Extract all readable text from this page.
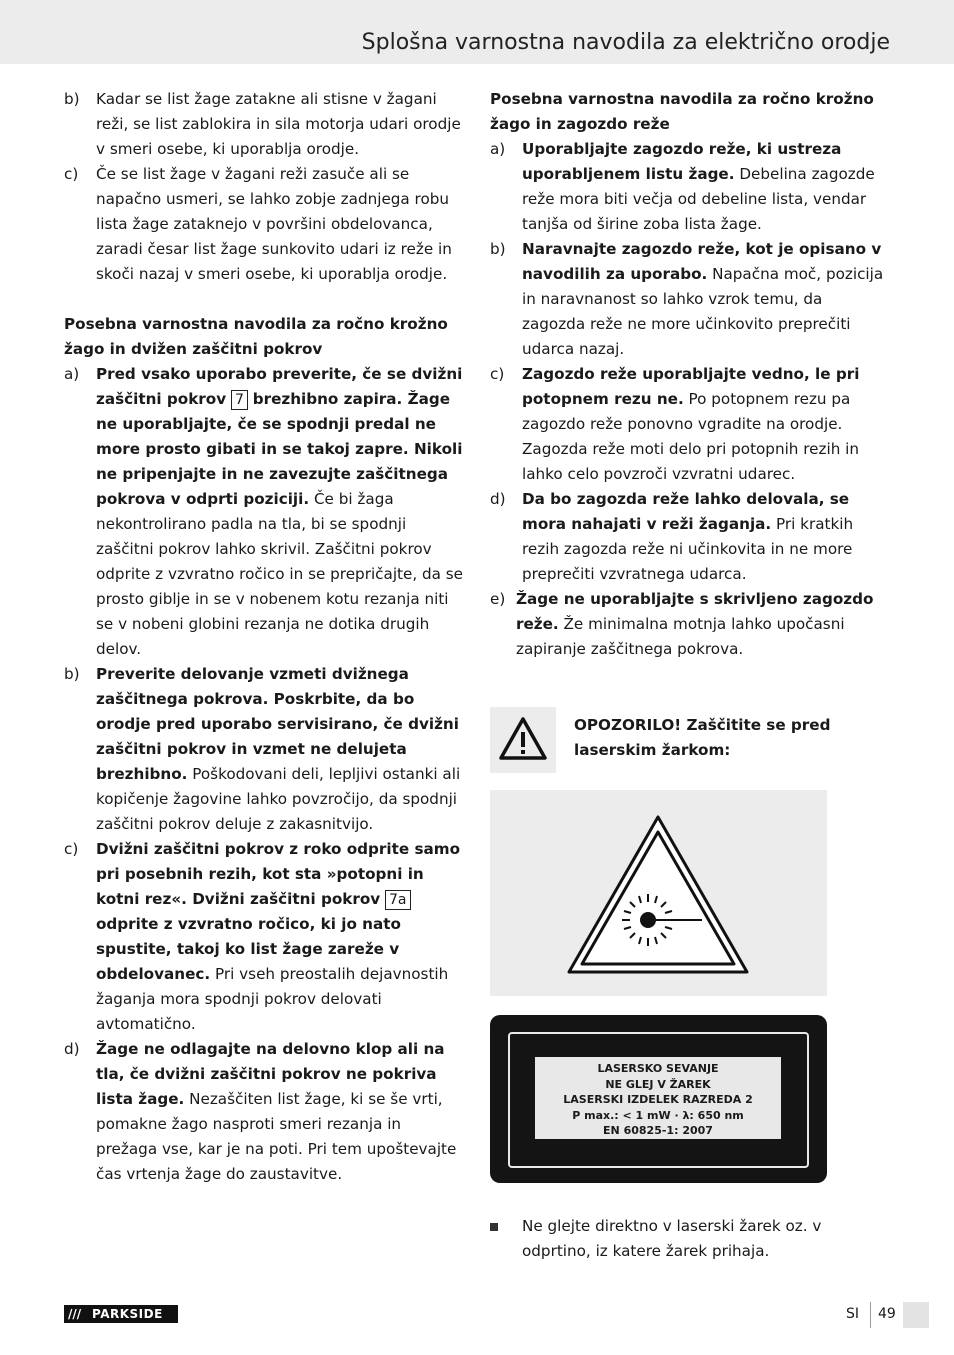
Splošna varnostna navodila za električno orodje
b) Kadar se list žage zatakne ali stisne v žagani reži, se list zablokira in sila motorja udari orodje v smeri osebe, ki uporablja orodje.
c) Če se list žage v žagani reži zasuče ali se napačno usmeri, se lahko zobje zadnjega robu lista žage zataknejo v površini obdelovanca, zaradi česar list žage sunkovito udari iz reže in skoči nazaj v smeri osebe, ki uporablja orodje.

Posebna varnostna navodila za ročno krožno žago in dvižen zaščitni pokrov

a) Pred vsako uporabo preverite, če se dvižni zaščitni pokrov 7 brezhibno zapira. Žage ne uporabljajte, če se spodnji predal ne more prosto gibati in se takoj zapre. Nikoli ne pripenjajte in ne zavezujte zaščitnega pokrova v odprti poziciji. Če bi žaga nekontrolirano padla na tla, bi se spodnji zaščitni pokrov lahko skrivil. Zaščitni pokrov odprite z vzvratno ročico in se prepričajte, da se prosto giblje in se v nobenem kotu rezanja niti se v nobeni globini rezanja ne dotika drugih delov.
b) Preverite delovanje vzmeti dvižnega zaščitnega pokrova. Poskrbite, da bo orodje pred uporabo servisirano, če dvižni zaščitni pokrov in vzmet ne delujeta brezhibno. Poškodovani deli, lepljivi ostanki ali kopičenje žagovine lahko povzročijo, da spodnji zaščitni pokrov deluje z zakasnitvijo.
c) Dvižni zaščitni pokrov z roko odprite samo pri posebnih rezih, kot sta »potopni in kotni rez«. Dvižni zaščitni pokrov 7a odprite z vzvratno ročico, ki jo nato spustite, takoj ko list žage zareže v obdelovanec. Pri vseh preostalih dejavnostih žaganja mora spodnji pokrov delovati avtomatično.
d) Žage ne odlagajte na delovno klop ali na tla, če dvižni zaščitni pokrov ne pokriva lista žage. Nezaščiten list žage, ki se še vrti, pomakne žago nasproti smeri rezanja in prežaga vse, kar je na poti. Pri tem upoštevajte čas vrtenja žage do zaustavitve.

Posebna varnostna navodila za ročno krožno žago in zagozdo reže

a) Uporabljajte zagozdo reže, ki ustreza uporabljenem listu žage. Debelina zagozde reže mora biti večja od debeline lista, vendar tanjša od širine zoba lista žage.
b) Naravnajte zagozdo reže, kot je opisano v navodilih za uporabo. Napačna moč, pozicija in naravnanost so lahko vzrok temu, da zagozda reže ne more učinkovito preprečiti udarca nazaj.
c) Zagozdo reže uporabljajte vedno, le pri potopnem rezu ne. Po potopnem rezu pa zagozdo reže ponovno vgradite na orodje. Zagozda reže moti delo pri potopnih rezih in lahko celo povzroči vzvratni udarec.
d) Da bo zagozda reže lahko delovala, se mora nahajati v reži žaganja. Pri kratkih rezih zagozda reže ni učinkovita in ne more preprečiti vzvratnega udarca.
e) Žage ne uporabljajte s skrivljeno zagozdo reže. Že minimalna motnja lahko upočasni zapiranje zaščitnega pokrova.
OPOZORILO! Zaščitite se pred laserskim žarkom:
LASERSKO SEVANJE
NE GLEJ V ŽAREK
LASERSKI IZDELEK RAZREDA 2
P max.: < 1 mW · λ: 650 nm
EN 60825-1: 2007
Ne glejte direktno v laserski žarek oz. v odprtino, iz katere žarek prihaja.
/// PARKSIDE	SI 49
